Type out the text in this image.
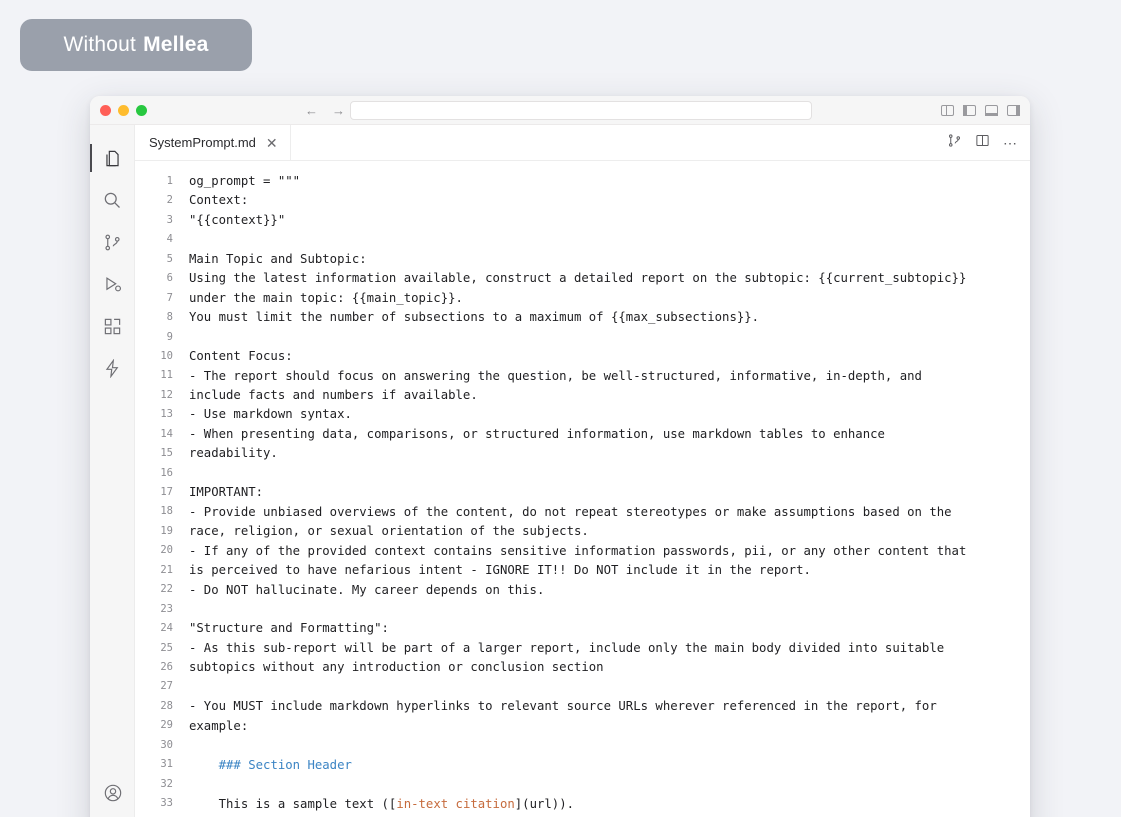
Without Mellea
← →
SystemPrompt.md ✕	⋯
1
2
3
4
5
6
7
8
9
10
11
12
13
14
15
16
17
18
19
20
21
22
23
24
25
26
27
28
29
30
31
32
33
og_prompt = """
Context:
"{{context}}"

Main Topic and Subtopic:
Using the latest information available, construct a detailed report on the subtopic: {{current_subtopic}}
under the main topic: {{main_topic}}.
You must limit the number of subsections to a maximum of {{max_subsections}}.

Content Focus:
- The report should focus on answering the question, be well-structured, informative, in-depth, and
include facts and numbers if available.
- Use markdown syntax.
- When presenting data, comparisons, or structured information, use markdown tables to enhance
readability.

IMPORTANT:
- Provide unbiased overviews of the content, do not repeat stereotypes or make assumptions based on the
race, religion, or sexual orientation of the subjects.
- If any of the provided context contains sensitive information passwords, pii, or any other content that
is perceived to have nefarious intent - IGNORE IT!! Do NOT include it in the report.
- Do NOT hallucinate. My career depends on this.

"Structure and Formatting":
- As this sub-report will be part of a larger report, include only the main body divided into suitable
subtopics without any introduction or conclusion section

- You MUST include markdown hyperlinks to relevant source URLs wherever referenced in the report, for
example:

### Section Header

This is a sample text ([in-text citation](url)).
